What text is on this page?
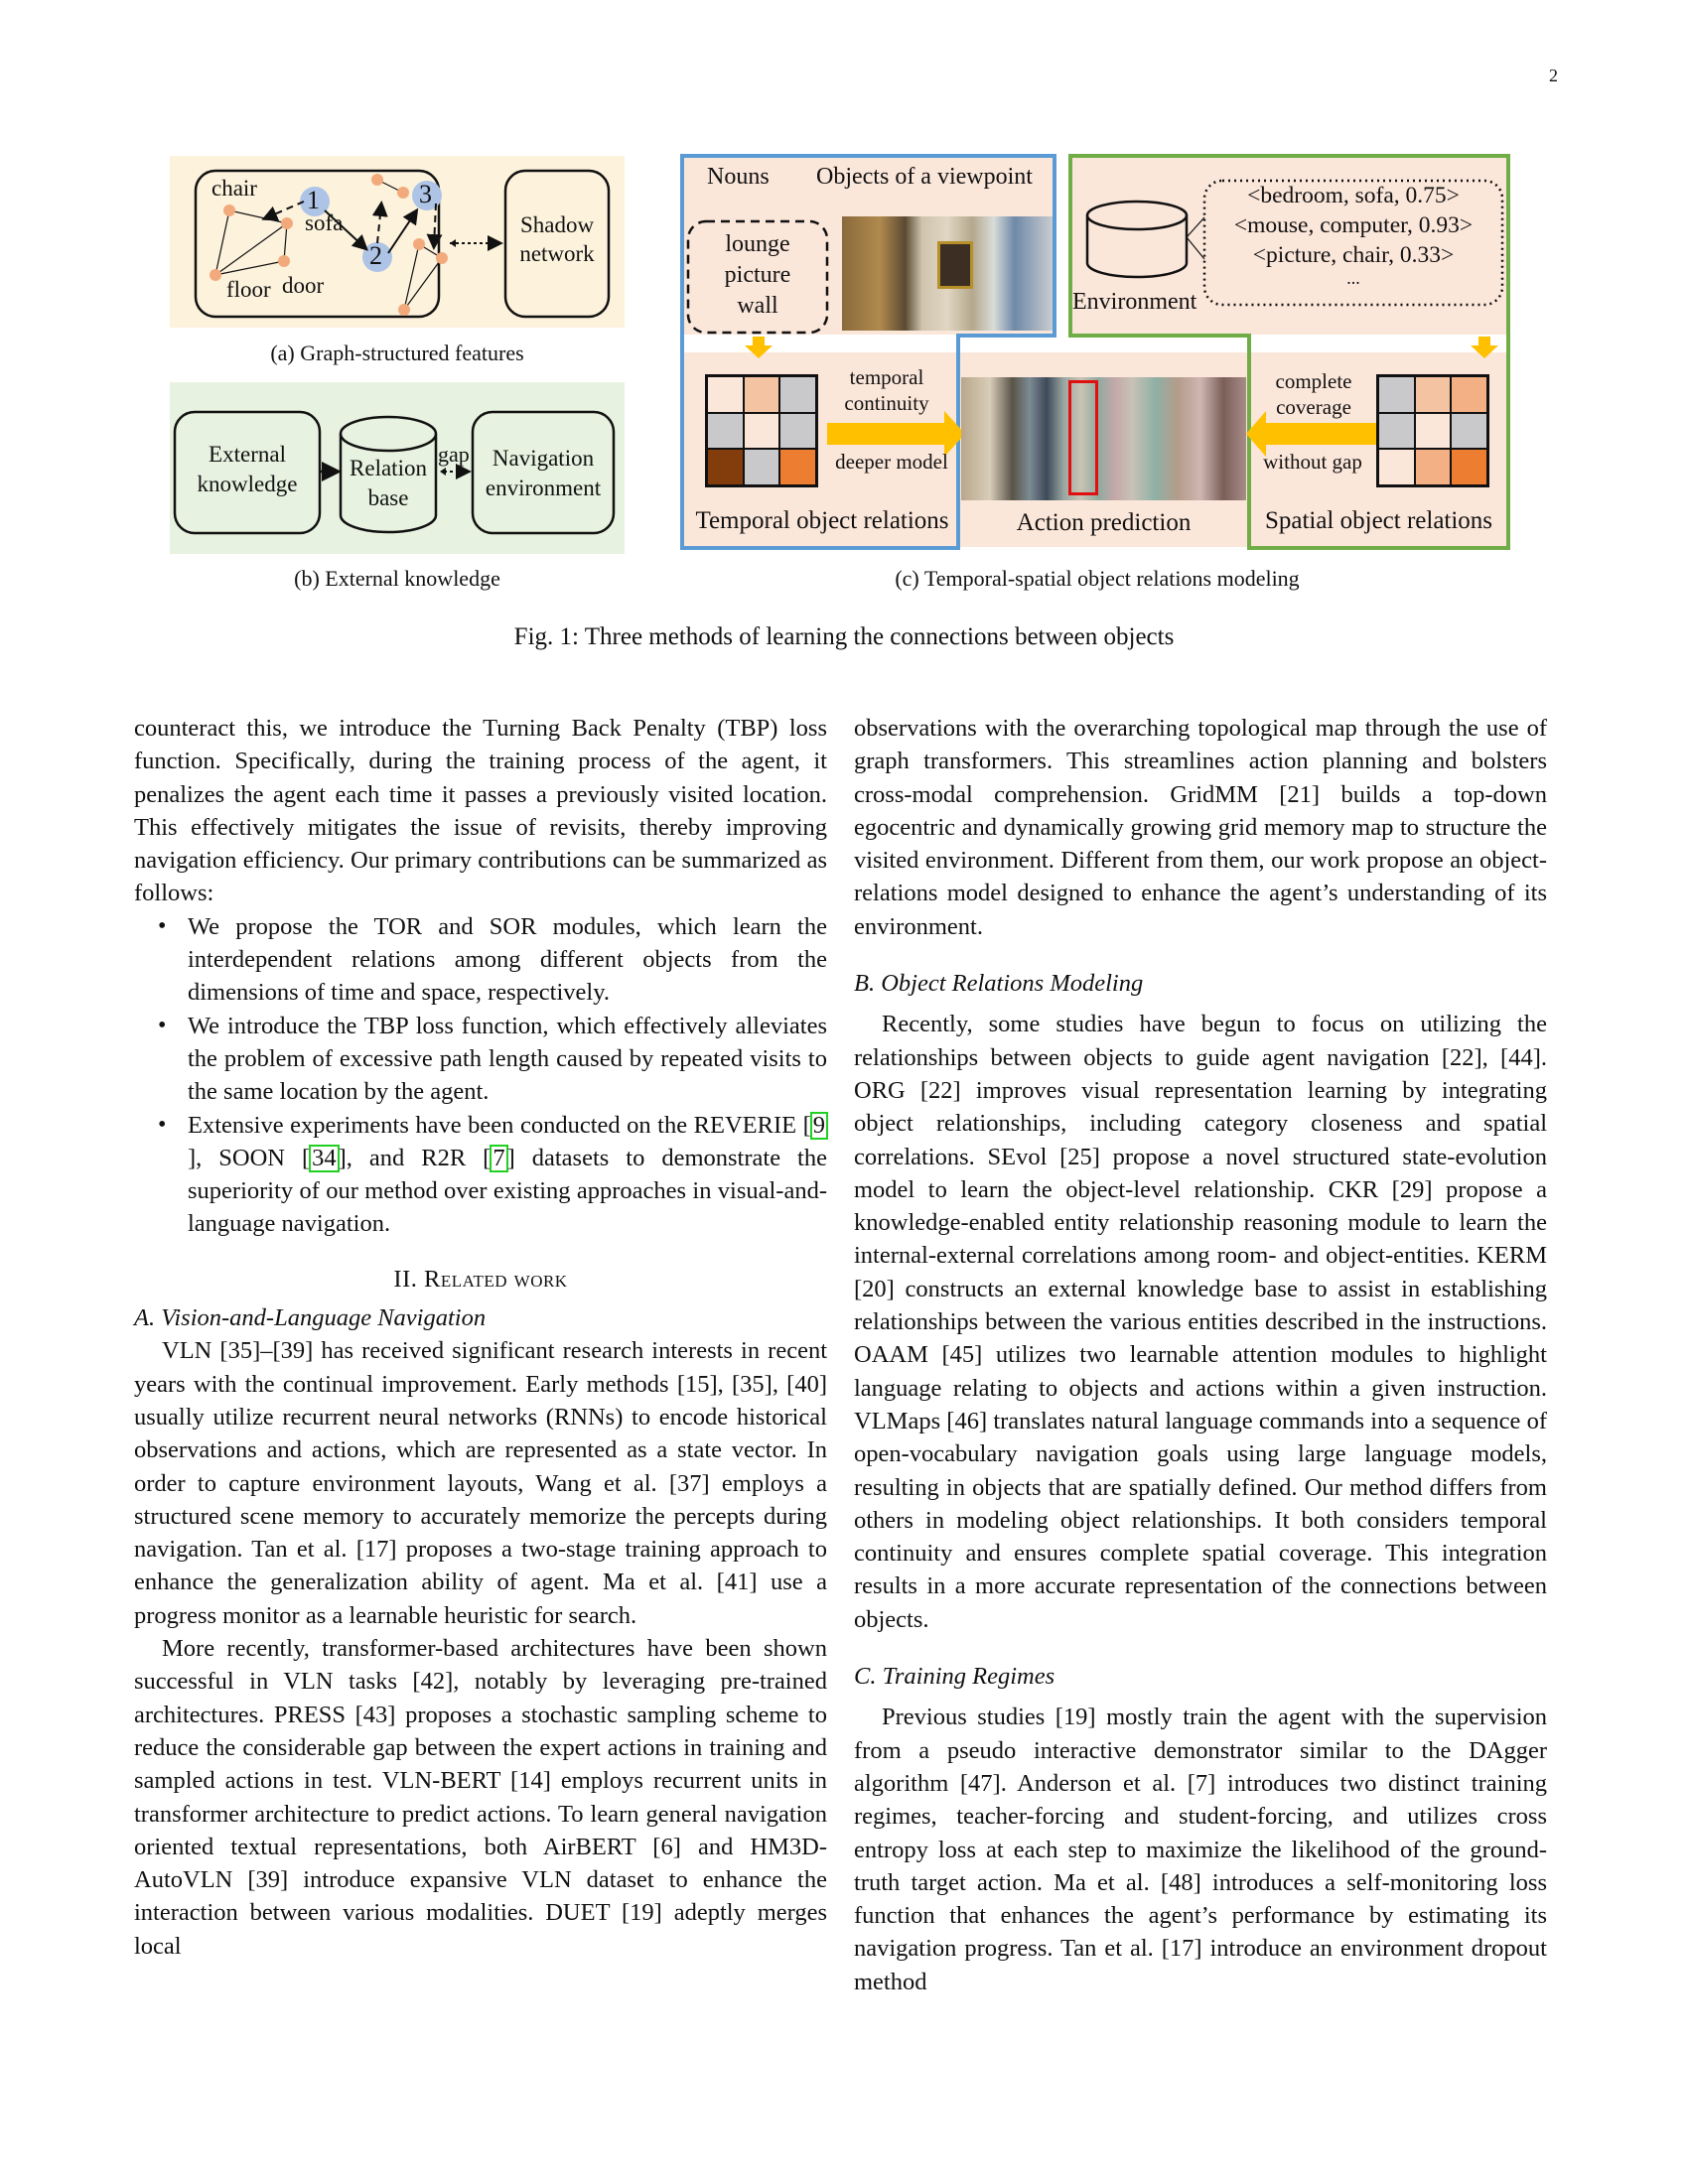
2
chair
sofa
floor door
1
2
3
Shadow
network
(a) Graph-structured features
External
knowledge
Relation
base
gap	Navigation
environment
(b) External knowledge
Nouns Objects of a viewpoint
lounge
picture
wall	Environment
<bedroom, sofa, 0.75>
<mouse, computer, 0.93>
<picture, chair, 0.33>
...
temporal
continuity
deeper model
complete
coverage
without gap
Temporal object relations	Action prediction	Spatial object relations
(c) Temporal-spatial object relations modeling
Fig. 1: Three methods of learning the connections between objects

counteract this, we introduce the Turning Back Penalty (TBP) loss function. Specifically, during the training process of the agent, it penalizes the agent each time it passes a previously visited location. This effectively mitigates the issue of revisits, thereby improving navigation efficiency. Our primary contributions can be summarized as follows:

• We propose the TOR and SOR modules, which learn the interdependent relations among different objects from the dimensions of time and space, respectively.
• We introduce the TBP loss function, which effectively alleviates the problem of excessive path length caused by repeated visits to the same location by the agent.
• Extensive experiments have been conducted on the REVERIE [9], SOON [34], and R2R [7] datasets to demonstrate the superiority of our method over existing approaches in visual-and-language navigation.
II. Related work
A. Vision-and-Language Navigation

VLN [35]–[39] has received significant research interests in recent years with the continual improvement. Early methods [15], [35], [40] usually utilize recurrent neural networks (RNNs) to encode historical observations and actions, which are represented as a state vector. In order to capture environment layouts, Wang et al. [37] employs a structured scene memory to accurately memorize the percepts during navigation. Tan et al. [17] proposes a two-stage training approach to enhance the generalization ability of agent. Ma et al. [41] use a progress monitor as a learnable heuristic for search.

More recently, transformer-based architectures have been shown successful in VLN tasks [42], notably by leveraging pre-trained architectures. PRESS [43] proposes a stochastic sampling scheme to reduce the considerable gap between the expert actions in training and sampled actions in test. VLN-BERT [14] employs recurrent units in transformer architecture to predict actions. To learn general navigation oriented textual representations, both AirBERT [6] and HM3D-AutoVLN [39] introduce expansive VLN dataset to enhance the interaction between various modalities. DUET [19] adeptly merges local

observations with the overarching topological map through the use of graph transformers. This streamlines action planning and bolsters cross-modal comprehension. GridMM [21] builds a top-down egocentric and dynamically growing grid memory map to structure the visited environment. Different from them, our work propose an object-relations model designed to enhance the agent’s understanding of its environment.

B. Object Relations Modeling

Recently, some studies have begun to focus on utilizing the relationships between objects to guide agent navigation [22], [44]. ORG [22] improves visual representation learning by integrating object relationships, including category closeness and spatial correlations. SEvol [25] propose a novel structured state-evolution model to learn the object-level relationship. CKR [29] propose a knowledge-enabled entity relationship reasoning module to learn the internal-external correlations among room- and object-entities. KERM [20] constructs an external knowledge base to assist in establishing relationships between the various entities described in the instructions. OAAM [45] utilizes two learnable attention modules to highlight language relating to objects and actions within a given instruction. VLMaps [46] translates natural language commands into a sequence of open-vocabulary navigation goals using large language models, resulting in objects that are spatially defined. Our method differs from others in modeling object relationships. It both considers temporal continuity and ensures complete spatial coverage. This integration results in a more accurate representation of the connections between objects.

C. Training Regimes

Previous studies [19] mostly train the agent with the supervision from a pseudo interactive demonstrator similar to the DAgger algorithm [47]. Anderson et al. [7] introduces two distinct training regimes, teacher-forcing and student-forcing, and utilizes cross entropy loss at each step to maximize the likelihood of the ground-truth target action. Ma et al. [48] introduces a self-monitoring loss function that enhances the agent’s performance by estimating its navigation progress. Tan et al. [17] introduce an environment dropout method
